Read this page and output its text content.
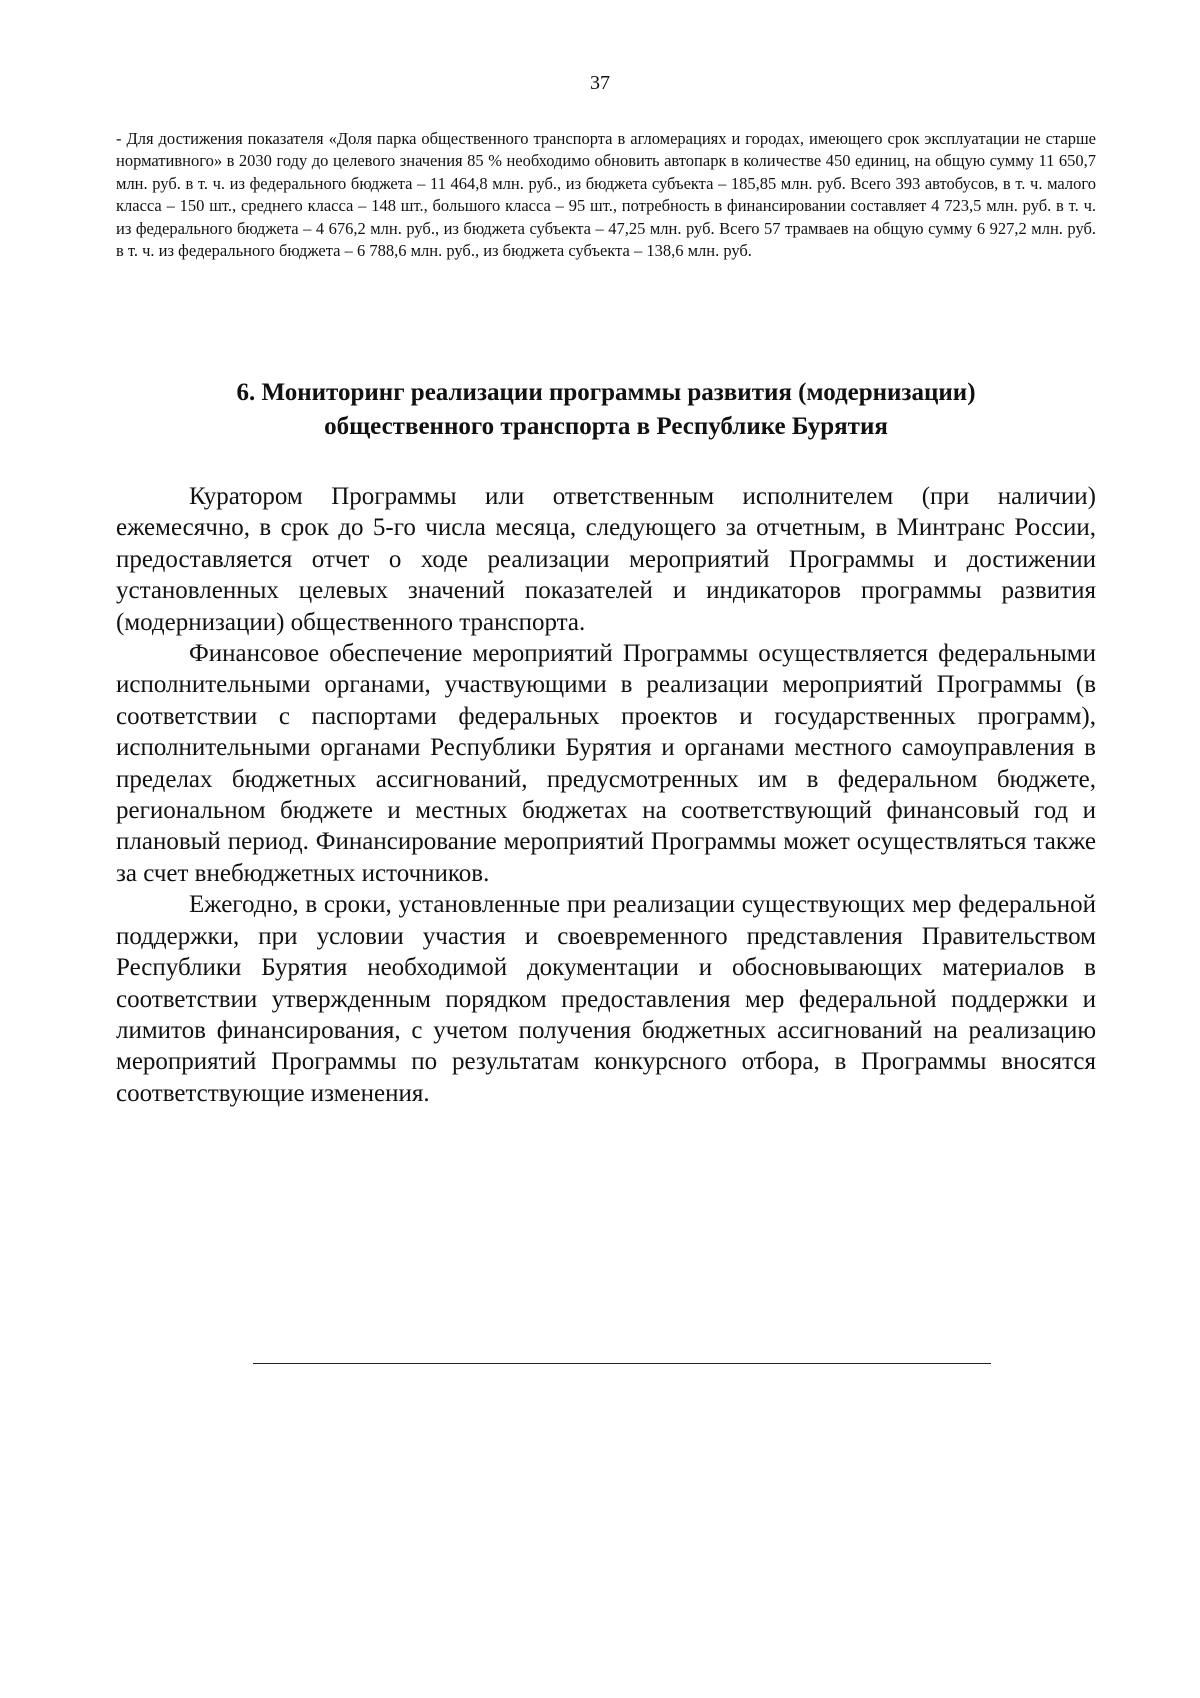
37
- Для достижения показателя «Доля парка общественного транспорта в агломерациях и городах, имеющего срок эксплуатации не старше нормативного» в 2030 году до целевого значения 85 % необходимо обновить автопарк в количестве 450 единиц, на общую сумму 11 650,7 млн. руб. в т. ч. из федерального бюджета – 11 464,8 млн. руб., из бюджета субъекта – 185,85 млн. руб. Всего 393 автобусов, в т. ч. малого класса – 150 шт., среднего класса – 148 шт., большого класса – 95 шт., потребность в финансировании составляет 4 723,5 млн. руб. в т. ч. из федерального бюджета – 4 676,2 млн. руб., из бюджета субъекта – 47,25 млн. руб. Всего 57 трамваев на общую сумму 6 927,2 млн. руб. в т. ч. из федерального бюджета – 6 788,6 млн. руб., из бюджета субъекта – 138,6 млн. руб.
6. Мониторинг реализации программы развития (модернизации)
общественного транспорта в Республике Бурятия

Куратором Программы или ответственным исполнителем (при наличии) ежемесячно, в срок до 5-го числа месяца, следующего за отчетным, в Минтранс России, предоставляется отчет о ходе реализации мероприятий Программы и достижении установленных целевых значений показателей и индикаторов программы развития (модернизации) общественного транспорта.

Финансовое обеспечение мероприятий Программы осуществляется федеральными исполнительными органами, участвующими в реализации мероприятий Программы (в соответствии с паспортами федеральных проектов и государственных программ), исполнительными органами Республики Бурятия и органами местного самоуправления в пределах бюджетных ассигнований, предусмотренных им в федеральном бюджете, региональном бюджете и местных бюджетах на соответствующий финансовый год и плановый период. Финансирование мероприятий Программы может осуществляться также за счет внебюджетных источников.

Ежегодно, в сроки, установленные при реализации существующих мер федеральной поддержки, при условии участия и своевременного представления Правительством Республики Бурятия необходимой документации и обосновывающих материалов в соответствии утвержденным порядком предоставления мер федеральной поддержки и лимитов финансирования, с учетом получения бюджетных ассигнований на реализацию мероприятий Программы по результатам конкурсного отбора, в Программы вносятся соответствующие изменения.
